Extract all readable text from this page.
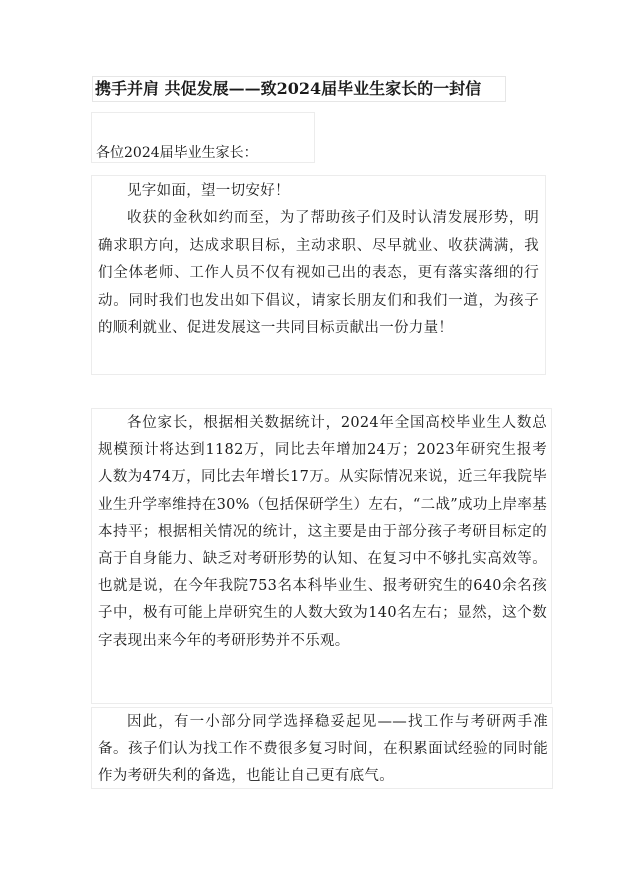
携手并肩 共促发展——致2024届毕业生家长的一封信
各位2024届毕业生家长：

见字如面，望一切安好！

收获的金秋如约而至，为了帮助孩子们及时认清发展形势，明确求职方向，达成求职目标，主动求职、尽早就业、收获满满，我们全体老师、工作人员不仅有视如己出的表态，更有落实落细的行动。同时我们也发出如下倡议，请家长朋友们和我们一道，为孩子的顺利就业、促进发展这一共同目标贡献出一份力量！

各位家长，根据相关数据统计，2024年全国高校毕业生人数总规模预计将达到1182万，同比去年增加24万；2023年研究生报考人数为474万，同比去年增长17万。从实际情况来说，近三年我院毕业生升学率维持在30%（包括保研学生）左右，“二战”成功上岸率基本持平；根据相关情况的统计，这主要是由于部分孩子考研目标定的高于自身能力、缺乏对考研形势的认知、在复习中不够扎实高效等。也就是说，在今年我院753名本科毕业生、报考研究生的640余名孩子中，极有可能上岸研究生的人数大致为140名左右；显然，这个数字表现出来今年的考研形势并不乐观。

因此，有一小部分同学选择稳妥起见——找工作与考研两手准备。孩子们认为找工作不费很多复习时间，在积累面试经验的同时能作为考研失利的备选，也能让自己更有底气。
